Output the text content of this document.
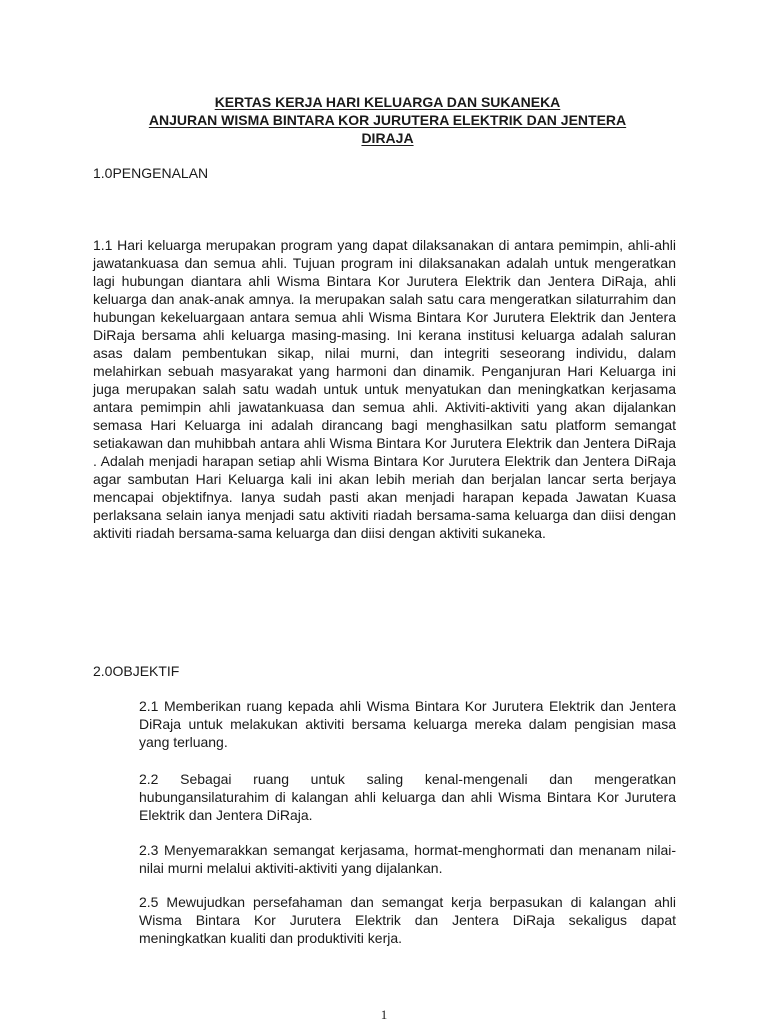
KERTAS KERJA HARI KELUARGA DAN SUKANEKA
ANJURAN WISMA BINTARA KOR JURUTERA ELEKTRIK DAN JENTERA
DIRAJA
1.0PENGENALAN
1.1 Hari keluarga merupakan program yang dapat dilaksanakan di antara pemimpin, ahli-ahli jawatankuasa dan semua ahli. Tujuan program ini dilaksanakan adalah untuk mengeratkan lagi hubungan diantara ahli Wisma Bintara Kor Jurutera Elektrik dan Jentera DiRaja, ahli keluarga dan anak-anak amnya. Ia merupakan salah satu cara mengeratkan silaturrahim dan hubungan kekeluargaan antara semua ahli Wisma Bintara Kor Jurutera Elektrik dan Jentera DiRaja bersama ahli keluarga masing-masing. Ini kerana institusi keluarga adalah saluran asas dalam pembentukan sikap, nilai murni, dan integriti seseorang individu, dalam melahirkan sebuah masyarakat yang harmoni dan dinamik. Penganjuran Hari Keluarga ini juga merupakan salah satu wadah untuk untuk menyatukan dan meningkatkan kerjasama antara pemimpin ahli jawatankuasa dan semua ahli. Aktiviti-aktiviti yang akan dijalankan semasa Hari Keluarga ini adalah dirancang bagi menghasilkan satu platform semangat setiakawan dan muhibbah antara ahli Wisma Bintara Kor Jurutera Elektrik dan Jentera DiRaja . Adalah menjadi harapan setiap ahli Wisma Bintara Kor Jurutera Elektrik dan Jentera DiRaja agar sambutan Hari Keluarga kali ini akan lebih meriah dan berjalan lancar serta berjaya mencapai objektifnya. Ianya sudah pasti akan menjadi harapan kepada Jawatan Kuasa perlaksana selain ianya menjadi satu aktiviti riadah bersama-sama keluarga dan diisi dengan aktiviti riadah bersama-sama keluarga dan diisi dengan aktiviti sukaneka.
2.0OBJEKTIF
2.1 Memberikan ruang kepada ahli Wisma Bintara Kor Jurutera Elektrik dan Jentera DiRaja untuk melakukan aktiviti bersama keluarga mereka dalam pengisian masa yang terluang.
2.2 Sebagai ruang untuk saling kenal-mengenali dan mengeratkan hubungansilaturahim di kalangan ahli keluarga dan ahli Wisma Bintara Kor Jurutera Elektrik dan Jentera DiRaja.
2.3 Menyemarakkan semangat kerjasama, hormat-menghormati dan menanam nilai-nilai murni melalui aktiviti-aktiviti yang dijalankan.
2.5 Mewujudkan persefahaman dan semangat kerja berpasukan di kalangan ahli Wisma Bintara Kor Jurutera Elektrik dan Jentera DiRaja sekaligus dapat meningkatkan kualiti dan produktiviti kerja.
1
